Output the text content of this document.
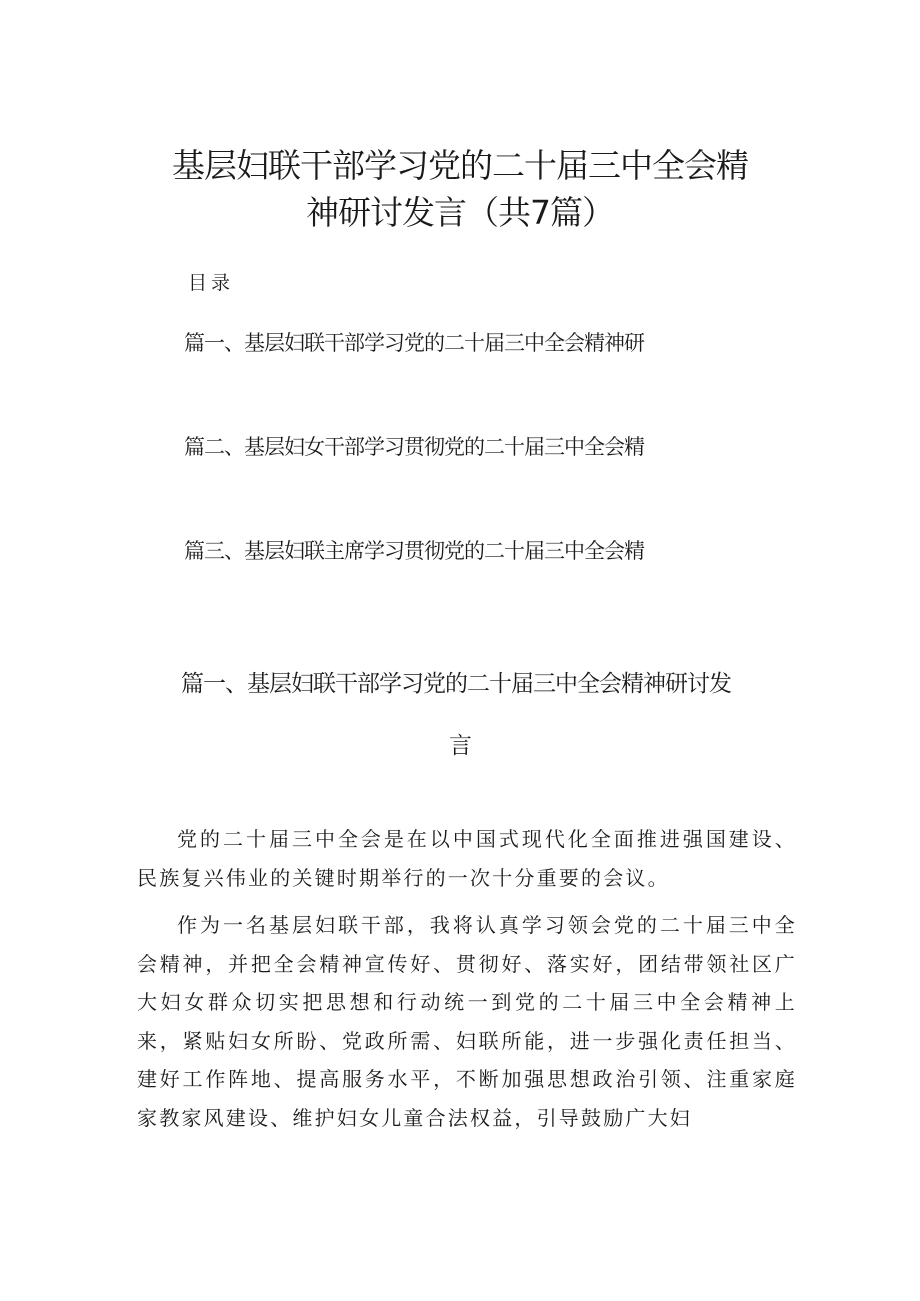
基层妇联干部学习党的二十届三中全会精
神研讨发言（共7篇）
目录
篇一、基层妇联干部学习党的二十届三中全会精神研
篇二、基层妇女干部学习贯彻党的二十届三中全会精
篇三、基层妇联主席学习贯彻党的二十届三中全会精
篇一、基层妇联干部学习党的二十届三中全会精神研讨发
言

党的二十届三中全会是在以中国式现代化全面推进强国建设、民族复兴伟业的关键时期举行的一次十分重要的会议。

作为一名基层妇联干部，我将认真学习领会党的二十届三中全会精神，并把全会精神宣传好、贯彻好、落实好，团结带领社区广大妇女群众切实把思想和行动统一到党的二十届三中全会精神上来，紧贴妇女所盼、党政所需、妇联所能，进一步强化责任担当、建好工作阵地、提高服务水平，不断加强思想政治引领、注重家庭家教家风建设、维护妇女儿童合法权益，引导鼓励广大妇
